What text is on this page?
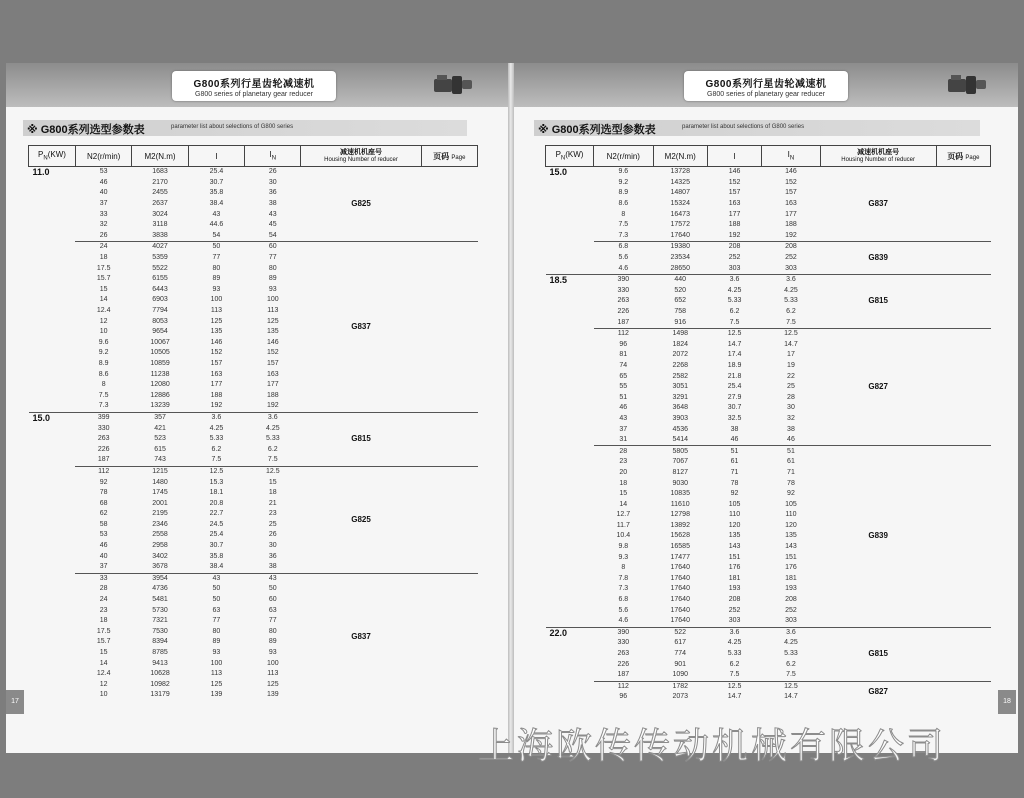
G800系列行星齿轮减速机
G800 series of planetary gear reducer
※ G800系列选型参数表	parameter list about selections of G800 series
$P_N(KW)$	N2(r/min)	M2(N.m)	I	$I_N$	减速机机座号
Housing Number of reducer	页码 Page
11.0	53	1683	25.4	26	G825	
	46	2170	30.7	30		
	40	2455	35.8	36		
	37	2637	38.4	38		
	33	3024	43	43		
	32	3118	44.6	45		
	26	3838	54	54		
	24	4027	50	60	G837	
	18	5359	77	77		
	17.5	5522	80	80		
	15.7	6155	89	89		
	15	6443	93	93		
	14	6903	100	100		
	12.4	7794	113	113		
	12	8053	125	125		
	10	9654	135	135		
	9.6	10067	146	146		
	9.2	10505	152	152		
	8.9	10859	157	157		
	8.6	11238	163	163		
	8	12080	177	177		
	7.5	12886	188	188		
	7.3	13239	192	192		
15.0	399	357	3.6	3.6	G815	
	330	421	4.25	4.25		
	263	523	5.33	5.33		
	226	615	6.2	6.2		
	187	743	7.5	7.5		
	112	1215	12.5	12.5	G825	
	92	1480	15.3	15		
	78	1745	18.1	18		
	68	2001	20.8	21		
	62	2195	22.7	23		
	58	2346	24.5	25		
	53	2558	25.4	26		
	46	2958	30.7	30		
	40	3402	35.8	36		
	37	3678	38.4	38		
	33	3954	43	43	G837	
	28	4736	50	50		
	24	5481	50	60		
	23	5730	63	63		
	18	7321	77	77		
	17.5	7530	80	80		
	15.7	8394	89	89		
	15	8785	93	93		
	14	9413	100	100		
	12.4	10628	113	113		
	12	10982	125	125		
	10	13179	139	139		
G800系列行星齿轮减速机
G800 series of planetary gear reducer
※ G800系列选型参数表	parameter list about selections of G800 series
$P_N(KW)$	N2(r/min)	M2(N.m)	I	$I_N$	减速机机座号
Housing Number of reducer	页码 Page
15.0	9.6	13728	146	146	G837	
	9.2	14325	152	152		
	8.9	14807	157	157		
	8.6	15324	163	163		
	8	16473	177	177		
	7.5	17572	188	188		
	7.3	17640	192	192		
	6.8	19380	208	208	G839	
	5.6	23534	252	252		
	4.6	28650	303	303		
18.5	390	440	3.6	3.6	G815	
	330	520	4.25	4.25		
	263	652	5.33	5.33		
	226	758	6.2	6.2		
	187	916	7.5	7.5		
	112	1498	12.5	12.5	G827	
	96	1824	14.7	14.7		
	81	2072	17.4	17		
	74	2268	18.9	19		
	65	2582	21.8	22		
	55	3051	25.4	25		
	51	3291	27.9	28		
	46	3648	30.7	30		
	43	3903	32.5	32		
	37	4536	38	38		
	31	5414	46	46		
	28	5805	51	51	G839	
	23	7067	61	61		
	20	8127	71	71		
	18	9030	78	78		
	15	10835	92	92		
	14	11610	105	105		
	12.7	12798	110	110		
	11.7	13892	120	120		
	10.4	15628	135	135		
	9.8	16585	143	143		
	9.3	17477	151	151		
	8	17640	176	176		
	7.8	17640	181	181		
	7.3	17640	193	193		
	6.8	17640	208	208		
	5.6	17640	252	252		
	4.6	17640	303	303		
22.0	390	522	3.6	3.6	G815	
	330	617	4.25	4.25		
	263	774	5.33	5.33		
	226	901	6.2	6.2		
	187	1090	7.5	7.5		
	112	1782	12.5	12.5	G827	
	96	2073	14.7	14.7		
17	18
上海欧传传动机械有限公司
